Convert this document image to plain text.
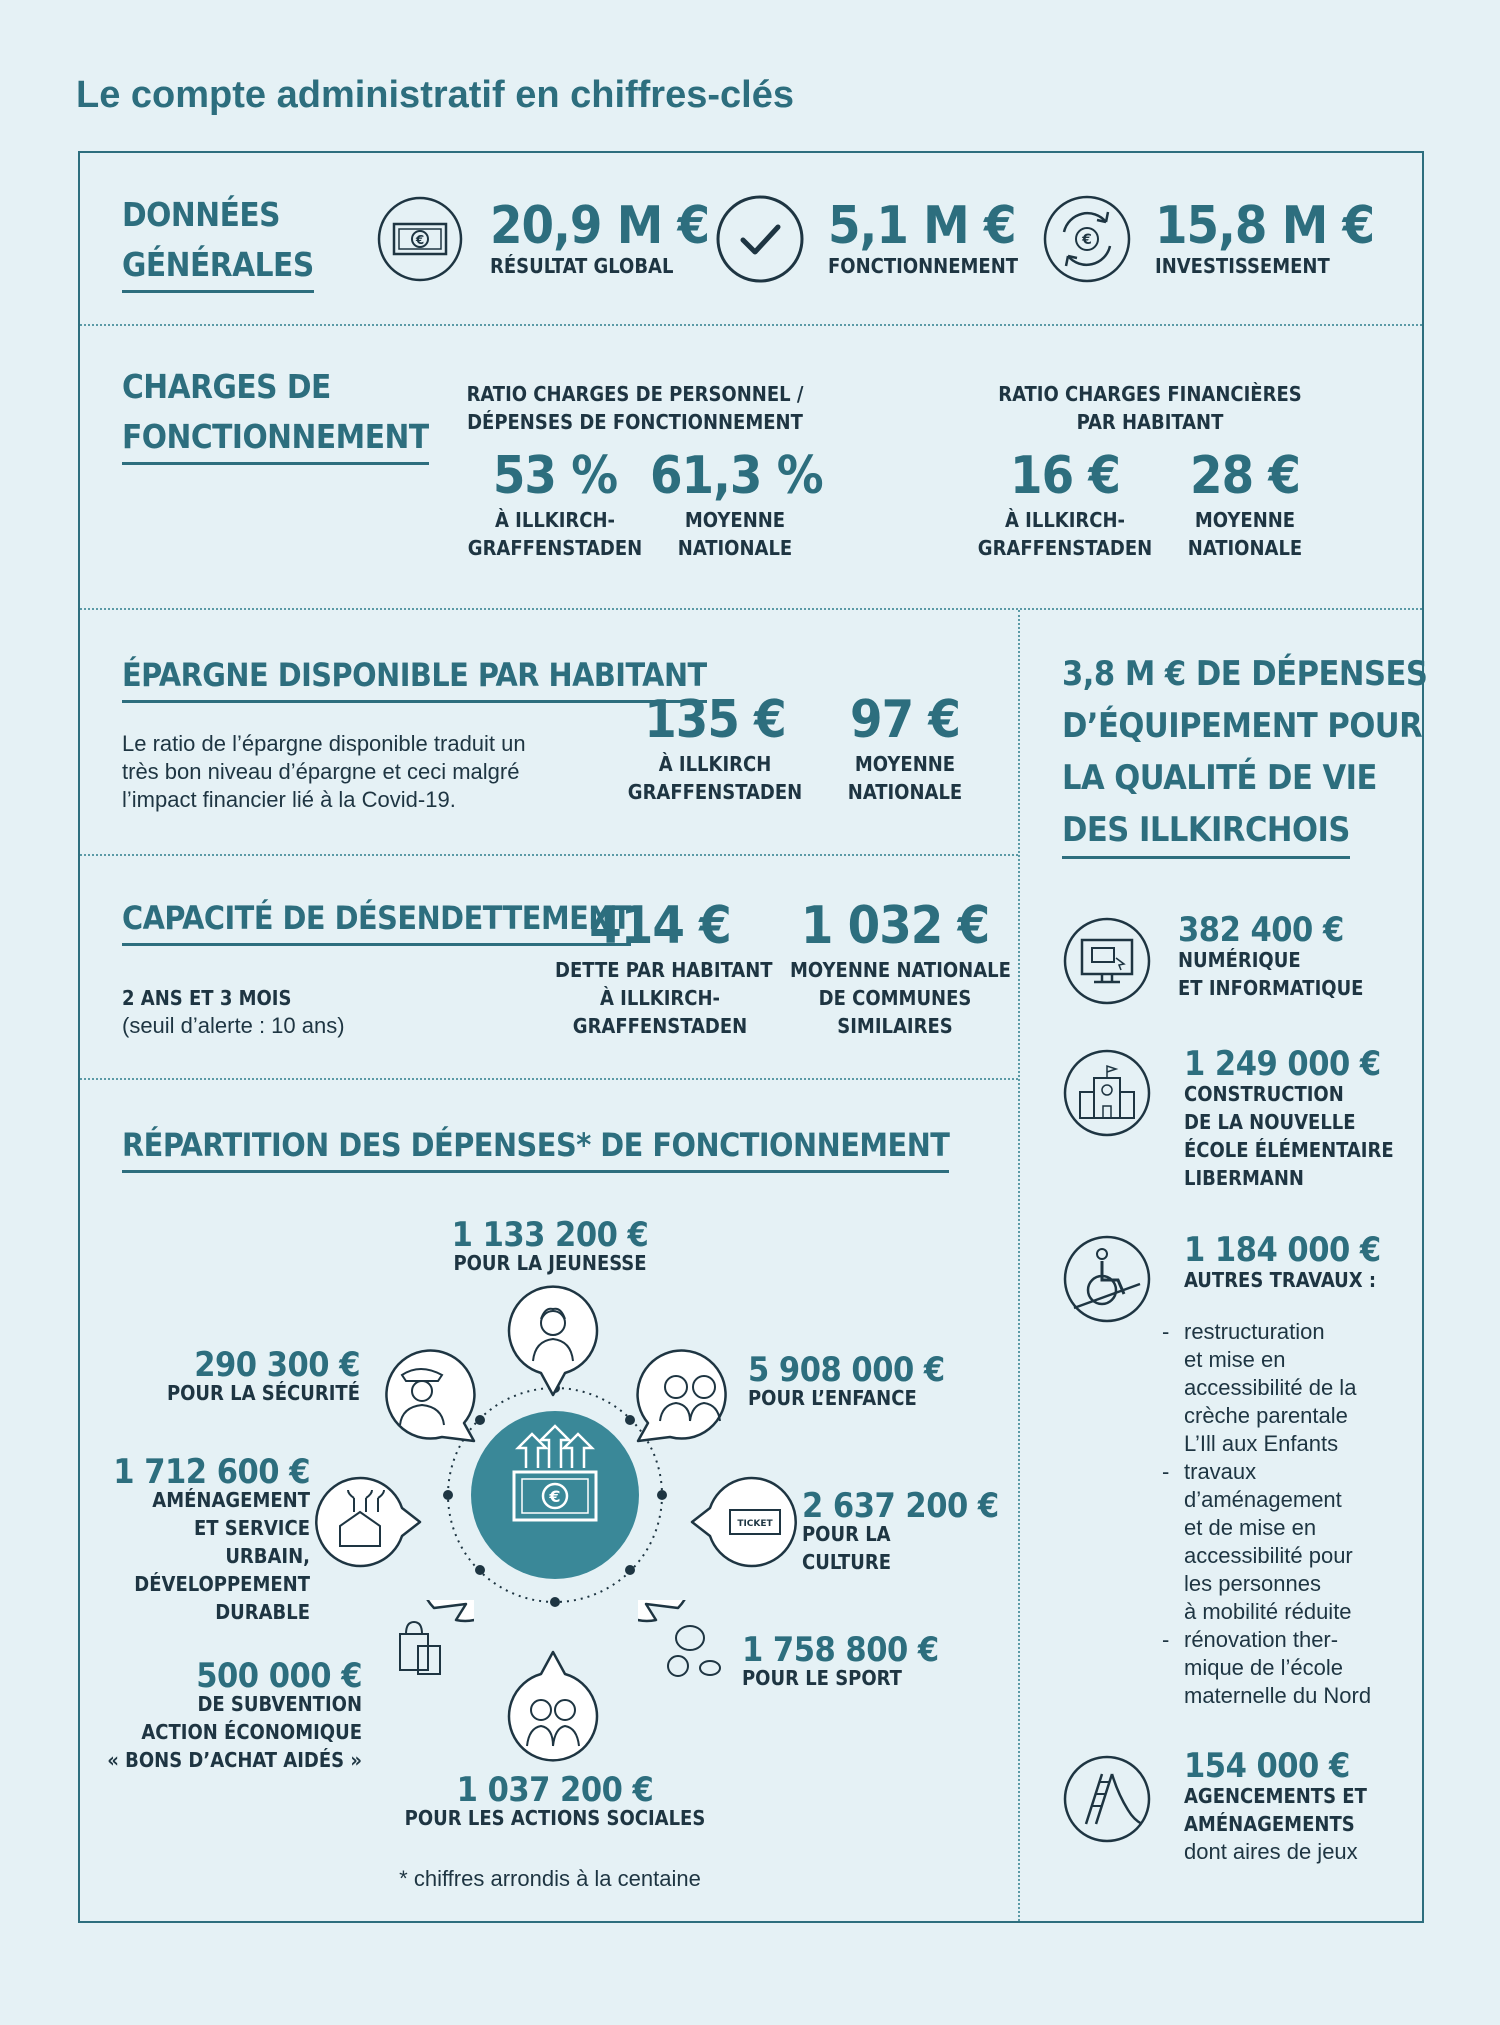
Le compte administratif en chiffres-clés
DONNÉES
GÉNÉRALES
€ 20,9 M €
RÉSULTAT GLOBAL
5,1 M €
FONCTIONNEMENT
€ 15,8 M €
INVESTISSEMENT
CHARGES DE
FONCTIONNEMENT
RATIO CHARGES DE PERSONNEL /
DÉPENSES DE FONCTIONNEMENT
53 %
À ILLKIRCH-
GRAFFENSTADEN
61,3 %
MOYENNE
NATIONALE
RATIO CHARGES FINANCIÈRES
PAR HABITANT
16 €
À ILLKIRCH-
GRAFFENSTADEN
28 €
MOYENNE
NATIONALE
ÉPARGNE DISPONIBLE PAR HABITANT
Le ratio de l’épargne disponible traduit un
très bon niveau d’épargne et ceci malgré
l’impact financier lié à la Covid-19.
135 €
À ILLKIRCH
GRAFFENSTADEN
97 €
MOYENNE
NATIONALE
CAPACITÉ DE DÉSENDETTEMENT
2 ANS ET 3 MOIS
(seuil d’alerte : 10 ans)
414 €
DETTE PAR HABITANT
À ILLKIRCH-
GRAFFENSTADEN
1 032 €
MOYENNE NATIONALE
DE COMMUNES
SIMILAIRES
RÉPARTITION DES DÉPENSES* DE FONCTIONNEMENT
€
1 133 200 €
POUR LA JEUNESSE
5 908 000 €
POUR L’ENFANCE
TICKET 2 637 200 €
POUR LA
CULTURE
1 758 800 €
POUR LE SPORT
1 037 200 €
POUR LES ACTIONS SOCIALES
500 000 €
DE SUBVENTION
ACTION ÉCONOMIQUE
« BONS D’ACHAT AIDÉS »
1 712 600 €
AMÉNAGEMENT
ET SERVICE
URBAIN,
DÉVELOPPEMENT
DURABLE
290 300 €
POUR LA SÉCURITÉ
* chiffres arrondis à la centaine
3,8 M € DE DÉPENSES
D’ÉQUIPEMENT POUR
LA QUALITÉ DE VIE
DES ILLKIRCHOIS
382 400 €
NUMÉRIQUE
ET INFORMATIQUE
1 249 000 €
CONSTRUCTION
DE LA NOUVELLE
ÉCOLE ÉLÉMENTAIRE
LIBERMANN
1 184 000 €
AUTRES TRAVAUX :
- restructuration
et mise en
accessibilité de la
crèche parentale
L’Ill aux Enfants
- travaux
d’aménagement
et de mise en
accessibilité pour
les personnes
à mobilité réduite
- rénovation ther-
mique de l’école
maternelle du Nord
154 000 €
AGENCEMENTS ET
AMÉNAGEMENTS
dont aires de jeux
